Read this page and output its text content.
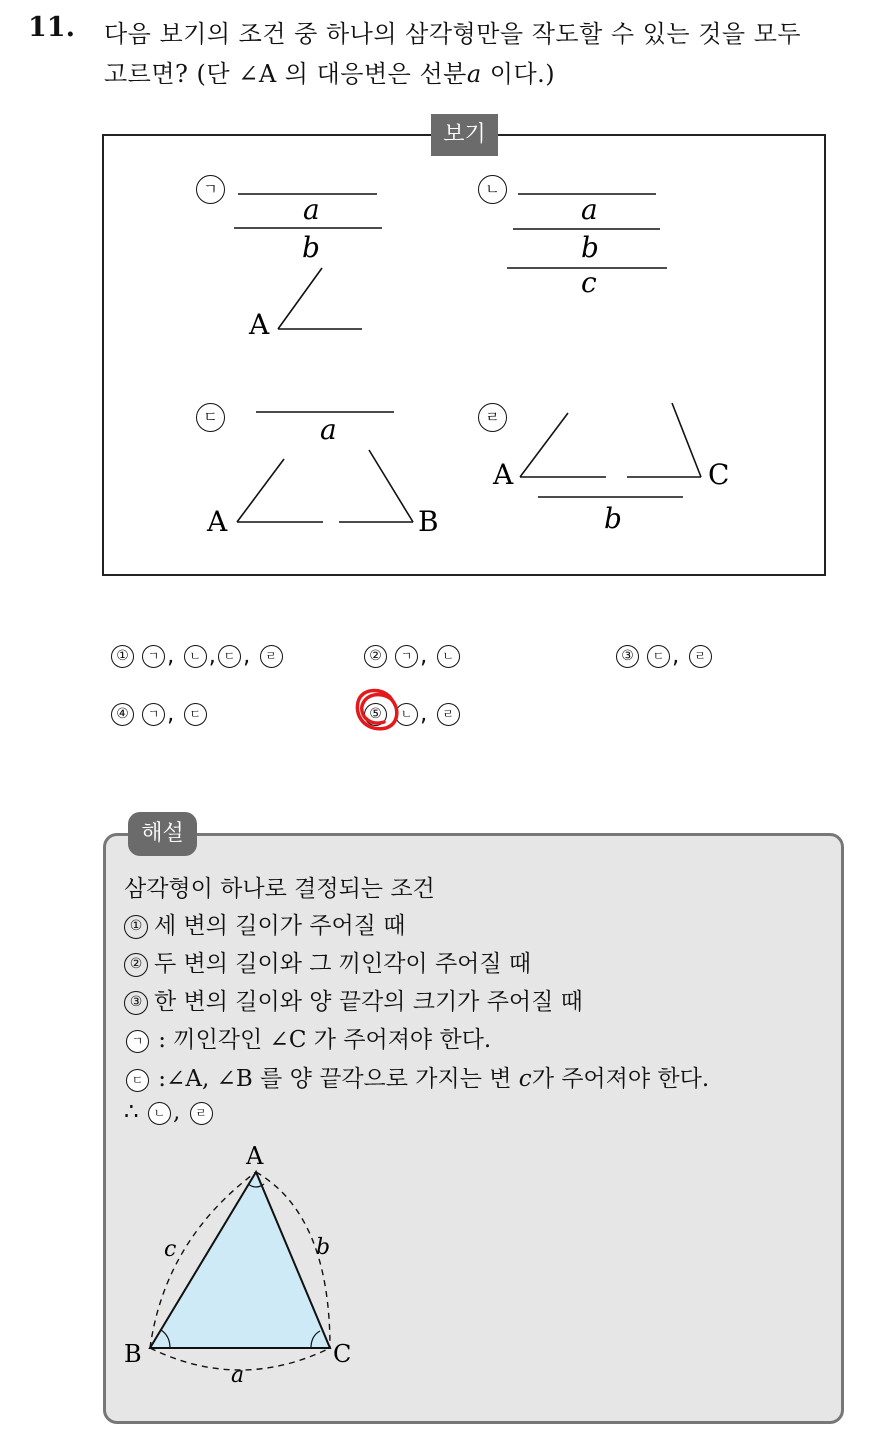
11. 다음 보기의 조건 중 하나의 삼각형만을 작도할 수 있는 것을 모두
고르면? (단 ∠A 의 대응변은 선분a 이다.)
보기
ㄱ
a
b
A
ㄴ
a
b
c
ㄷ	a
A	B
ㄹ
A	C
b
① ㄱ , ㄴ , ㄷ , ㄹ	② ㄱ , ㄴ	③ ㄷ , ㄹ
④ ㄱ , ㄷ	⑤ ㄴ , ㄹ
해설
삼각형이 하나로 결정되는 조건
① 세 변의 길이가 주어질 때
② 두 변의 길이와 그 끼인각이 주어질 때
③ 한 변의 길이와 양 끝각의 크기가 주어질 때
ㄱ : 끼인각인 ∠C 가 주어져야 한다.
ㄷ :∠A, ∠B 를 양 끝각으로 가지는 변 c가 주어져야 한다.
∴ ㄴ , ㄹ
A
B	C
a
b
c
